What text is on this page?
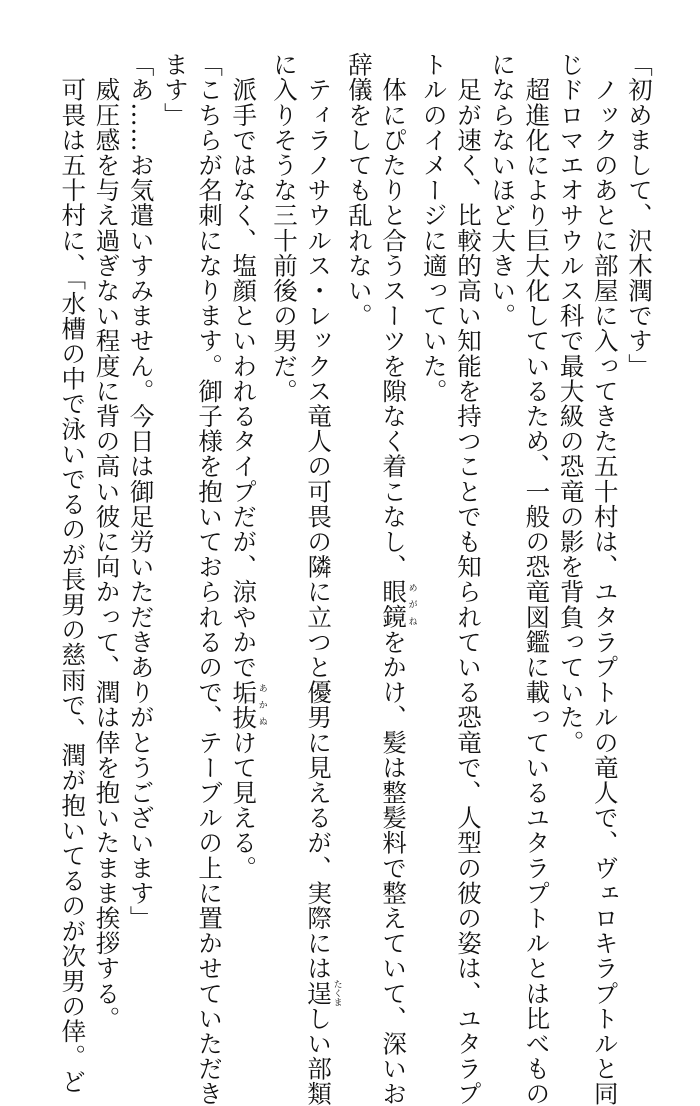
「初めまして、沢木潤です」
　ノックのあとに部屋に入ってきた五十村は、ユタラプトルの竜人で、ヴェロキラプトルと同
じドロマエオサウルス科で最大級の恐竜の影を背負っていた。
　超進化により巨大化しているため、一般の恐竜図鑑に載っているユタラプトルとは比べもの
にならないほど大きい。
　足が速く、比較的高い知能を持つことでも知られている恐竜で、人型の彼の姿は、ユタラプ
トルのイメージに適っていた。
　体にぴたりと合うスーツを隙なく着こなし、眼鏡めがねをかけ、髪は整髪料で整えていて、深いお
辞儀をしても乱れない。
　ティラノサウルス・レックス竜人の可畏の隣に立つと優男に見えるが、実際には逞たくましい部類
に入りそうな三十前後の男だ。
　派手ではなく、塩顔といわれるタイプだが、涼やかで垢抜あかぬけて見える。
「こちらが名刺になります。御子様を抱いておられるので、テーブルの上に置かせていただき
ます」
「あ……お気遣いすみません。今日は御足労いただきありがとうございます」
　威圧感を与え過ぎない程度に背の高い彼に向かって、潤は倖を抱いたまま挨拶する。
　可畏は五十村に、「水槽の中で泳いでるのが長男の慈雨で、潤が抱いてるのが次男の倖。ど
